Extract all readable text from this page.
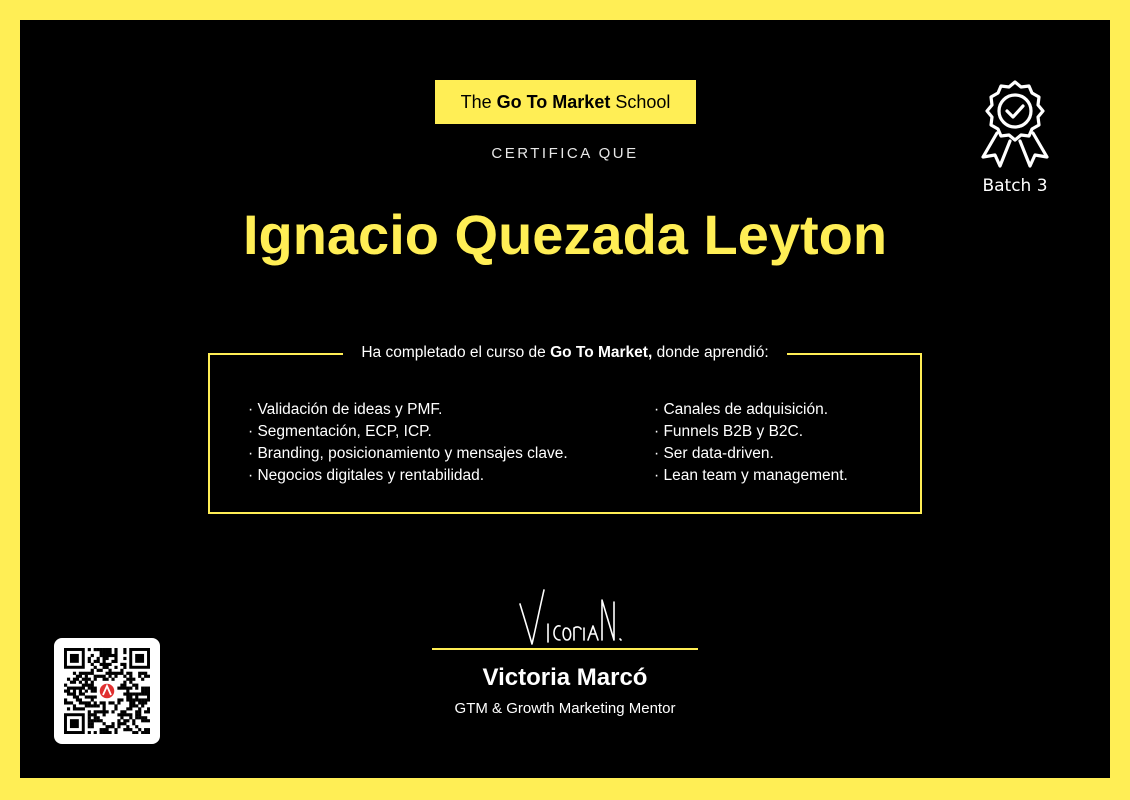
The Go To Market School
CERTIFICA QUE
Ignacio Quezada Leyton
Batch 3
Ha completado el curso de Go To Market, donde aprendió:
· Validación de ideas y PMF.
· Segmentación, ECP, ICP.
· Branding, posicionamiento y mensajes clave.
· Negocios digitales y rentabilidad.
· Canales de adquisición.
· Funnels B2B y B2C.
· Ser data-driven.
· Lean team y management.
Victoria Marcó
GTM & Growth Marketing Mentor
